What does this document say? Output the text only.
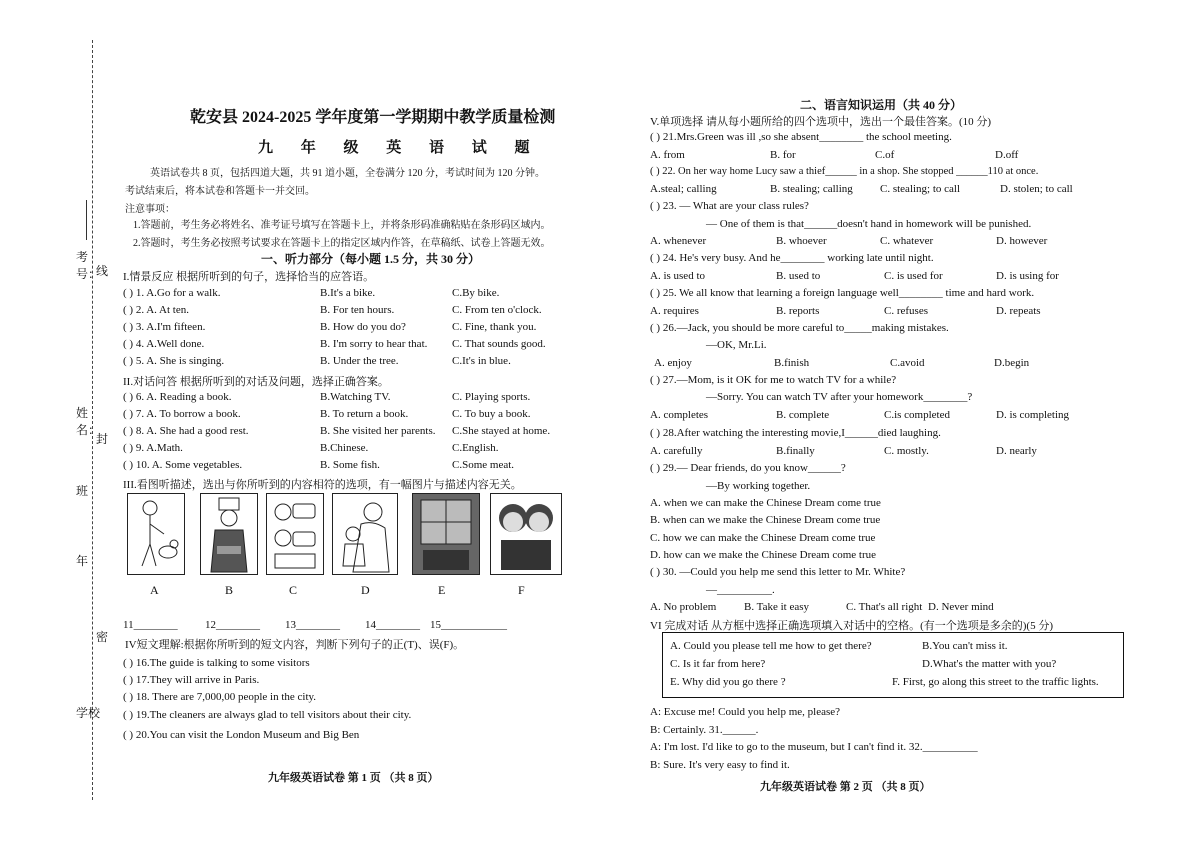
考号：
线
姓名：
封
班
年
密
学校
乾安县 2024-2025 学年度第一学期期中教学质量检测
九 年 级 英 语 试 题
英语试卷共 8 页，包括四道大题，共 91 道小题，全卷满分 120 分，考试时间为 120 分钟。
考试结束后，将本试卷和答题卡一并交回。
注意事项：
1.答题前，考生务必将姓名、准考证号填写在答题卡上，并将条形码准确粘贴在条形码区域内。
2.答题时，考生务必按照考试要求在答题卡上的指定区域内作答，在草稿纸、试卷上答题无效。
一、听力部分（每小题 1.5 分，共 30 分）
I.情景反应 根据所听到的句子，选择恰当的应答语。
( ) 1. A.Go for a walk.	B.It's a bike.	C.By bike.
( ) 2. A. At ten.	B. For ten hours.	C. From ten o'clock.
( ) 3. A.I'm fifteen.	B. How do you do?	C. Fine, thank you.
( ) 4. A.Well done.	B. I'm sorry to hear that. C. That sounds good.
( ) 5. A. She is singing.	B. Under the tree.	C.It's in blue.
II.对话问答 根据所听到的对话及问题，选择正确答案。
( ) 6. A. Reading a book.	B.Watching TV.	C. Playing sports.
( ) 7. A. To borrow a book.	B. To return a book.	C. To buy a book.
( ) 8. A. She had a good rest.	B. She visited her parents. C.She stayed at home.
( ) 9. A.Math.	B.Chinese.	C.English.
( ) 10. A. Some vegetables.	B. Some fish.	C.Some meat.
III.看图听描述，选出与你所听到的内容相符的选项，有一幅图片与描述内容无关。
A	B	C	D	E	F
11________ 12________ 13________ 14________ 15____________
IV短文理解:根据你所听到的短文内容，判断下列句子的正(T)、误(F)。
( ) 16.The guide is talking to some visitors
( ) 17.They will arrive in Paris.
( ) 18. There are 7,000,00 people in the city.
( ) 19.The cleaners are always glad to tell visitors about their city.
( ) 20.You can visit the London Museum and Big Ben
九年级英语试卷 第 1 页 （共 8 页）
二、语言知识运用（共 40 分）
V.单项选择 请从每小题所给的四个选项中，选出一个最佳答案。(10 分)
( ) 21.Mrs.Green was ill ,so she absent________ the school meeting.
A. from	B. for	C.of	D.off
( ) 22. On her way home Lucy saw a thief______ in a shop. She stopped ______110 at once.
A.steal; calling	B. stealing; calling C. stealing; to call	D. stolen; to call
( ) 23. — What are your class rules?
— One of them is that______doesn't hand in homework will be punished.
A. whenever	B. whoever	C. whatever	D. however
( ) 24. He's very busy. And he________ working late until night.
A. is used to	B. used to	C. is used for	D. is using for
( ) 25. We all know that learning a foreign language well________ time and hard work.
A. requires	B. reports	C. refuses	D. repeats
( ) 26.—Jack, you should be more careful to_____making mistakes.
—OK, Mr.Li.
A. enjoy	B.finish	C.avoid	D.begin
( ) 27.—Mom, is it OK for me to watch TV for a while?
—Sorry. You can watch TV after your homework________?
A. completes	B. complete	C.is completed	D. is completing
( ) 28.After watching the interesting movie,I______died laughing.
A. carefully	B.finally	C. mostly.	D. nearly
( ) 29.— Dear friends, do you know______?
—By working together.
A. when we can make the Chinese Dream come true
B. when can we make the Chinese Dream come true
C. how we can make the Chinese Dream come true
D. how can we make the Chinese Dream come true
( ) 30. —Could you help me send this letter to Mr. White?
—__________.
A. No problem	B. Take it easy	C. That's all right D. Never mind
VI 完成对话 从方框中选择正确选项填入对话中的空格。(有一个选项是多余的)(5 分)
A. Could you please tell me how to get there?	B.You can't miss it.
C. Is it far from here?	D.What's the matter with you?
E. Why did you go there ?	F. First, go along this street to the traffic lights.
A: Excuse me! Could you help me, please?
B: Certainly. 31.______.
A: I'm lost. I'd like to go to the museum, but I can't find it. 32.__________
B: Sure. It's very easy to find it.
九年级英语试卷 第 2 页 （共 8 页）
